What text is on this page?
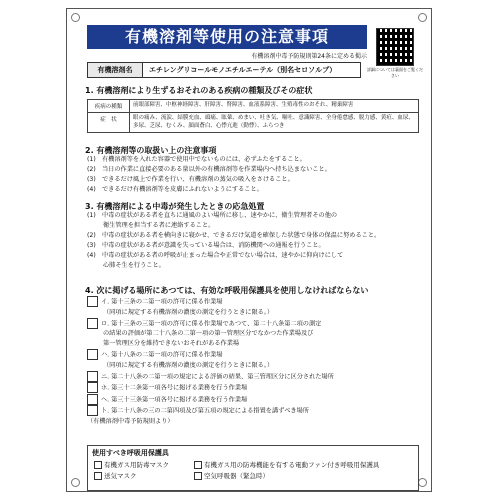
有機溶剤等使用の注意事項
有機溶剤中毒予防規則第24条に定める掲示
詳細については裏面をご覧ください
有機溶剤名	エチレングリコールモノエチルエーテル（別名セロソルブ）
1. 有機溶剤により生ずるおそれのある疾病の種類及びその症状
疾病の種類	前眼部障害、中枢神経障害、肝障害、腎障害、血液系障害、生殖毒性のおそれ、精巣障害
症　状	眼の痛み、流涙、結膜充血、頭痛、眩暈、めまい、吐き気、嘔吐、意識障害、全身倦怠感、脱力感、黄疸、血尿、多尿、乏尿、むくみ、顔面蒼白、心悸亢進（動悸）、ふらつき
2. 有機溶剤等の取扱い上の注意事項
(1)　有機溶剤等を入れた容器で使用中でないものには、必ずふたをすること。
(2)　当日の作業に直接必要のある量以外の有機溶剤等を作業場内へ持ち込まないこと。
(3)　できるだけ風上で作業を行い、有機溶剤の蒸気の吸入をさけること。
(4)　できるだけ有機溶剤等を皮膚にふれないようにすること。
3. 有機溶剤による中毒が発生したときの応急処置
(1)　中毒の症状がある者を直ちに通風のよい場所に移し、速やかに、衛生管理者その他の
衛生管理を担当する者に連絡すること。
(2)　中毒の症状がある者を横向きに寝かせ、できるだけ気道を確保した状態で身体の保温に努めること。
(3)　中毒の症状がある者が意識を失っている場合は、消防機関への通報を行うこと。
(4)　中毒の症状がある者の呼吸が止まった場合や正常でない場合は、速やかに仰向けにして
心肺そ生を行うこと。
4. 次に掲げる場所にあつては、有効な呼吸用保護具を使用しなければならない
イ. 第十三条の二第一項の許可に係る作業場
（同項に規定する有機溶剤の濃度の測定を行うときに限る。）
ロ. 第十三条の三第一項の許可に係る作業場であつて、第二十八条第二項の測定
の結果の評価が第二十八条の二第一項の第一管理区分でなかつた作業場及び
第一管理区分を維持できないおそれがある作業場
ハ. 第十八条の二第一項の許可に係る作業場
（同項に規定する有機溶剤の濃度の測定を行うときに限る。）
ニ. 第二十八条の二第一項の規定による評価の結果、第三管理区分に区分された場所
ホ. 第三十二条第一項各号に掲げる業務を行う作業場
ヘ. 第三十三条第一項各号に掲げる業務を行う作業場
ト. 第二十八条の三の二第四項及び第五項の規定による措置を講ずべき場所
（有機溶剤中毒予防規則より）
使用すべき呼吸用保護具
有機ガス用防毒マスク	有機ガス用の防毒機能を有する電動ファン付き呼吸用保護具
送気マスク	空気呼吸器（緊急時）
